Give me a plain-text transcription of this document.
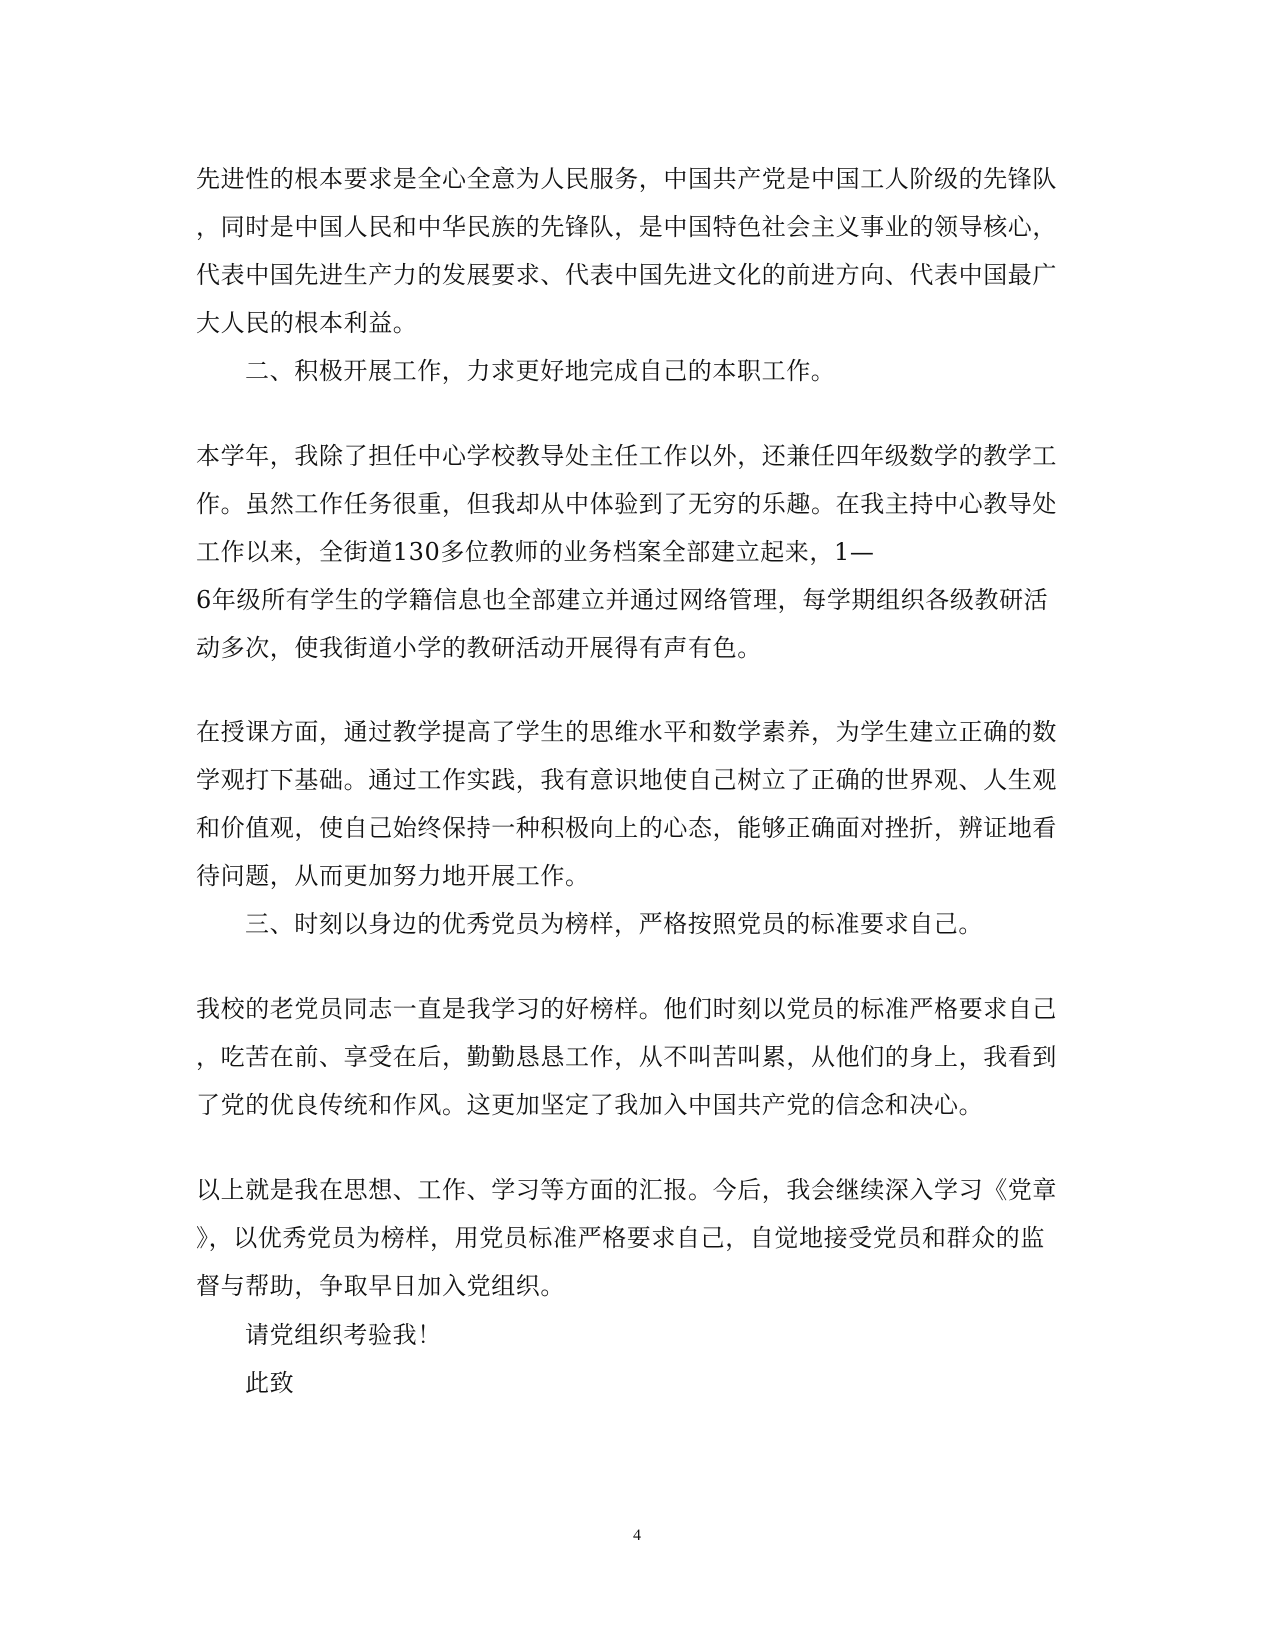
先进性的根本要求是全心全意为人民服务，中国共产党是中国工人阶级的先锋队
，同时是中国人民和中华民族的先锋队，是中国特色社会主义事业的领导核心，
代表中国先进生产力的发展要求、代表中国先进文化的前进方向、代表中国最广
大人民的根本利益。
二、积极开展工作，力求更好地完成自己的本职工作。
本学年，我除了担任中心学校教导处主任工作以外，还兼任四年级数学的教学工
作。虽然工作任务很重，但我却从中体验到了无穷的乐趣。在我主持中心教导处
工作以来，全街道130多位教师的业务档案全部建立起来，1—
6年级所有学生的学籍信息也全部建立并通过网络管理，每学期组织各级教研活
动多次，使我街道小学的教研活动开展得有声有色。
在授课方面，通过教学提高了学生的思维水平和数学素养，为学生建立正确的数
学观打下基础。通过工作实践，我有意识地使自己树立了正确的世界观、人生观
和价值观，使自己始终保持一种积极向上的心态，能够正确面对挫折，辨证地看
待问题，从而更加努力地开展工作。
三、时刻以身边的优秀党员为榜样，严格按照党员的标准要求自己。
我校的老党员同志一直是我学习的好榜样。他们时刻以党员的标准严格要求自己
，吃苦在前、享受在后，勤勤恳恳工作，从不叫苦叫累，从他们的身上，我看到
了党的优良传统和作风。这更加坚定了我加入中国共产党的信念和决心。
以上就是我在思想、工作、学习等方面的汇报。今后，我会继续深入学习《党章
》，以优秀党员为榜样，用党员标准严格要求自己，自觉地接受党员和群众的监
督与帮助，争取早日加入党组织。
请党组织考验我！
此致
4
